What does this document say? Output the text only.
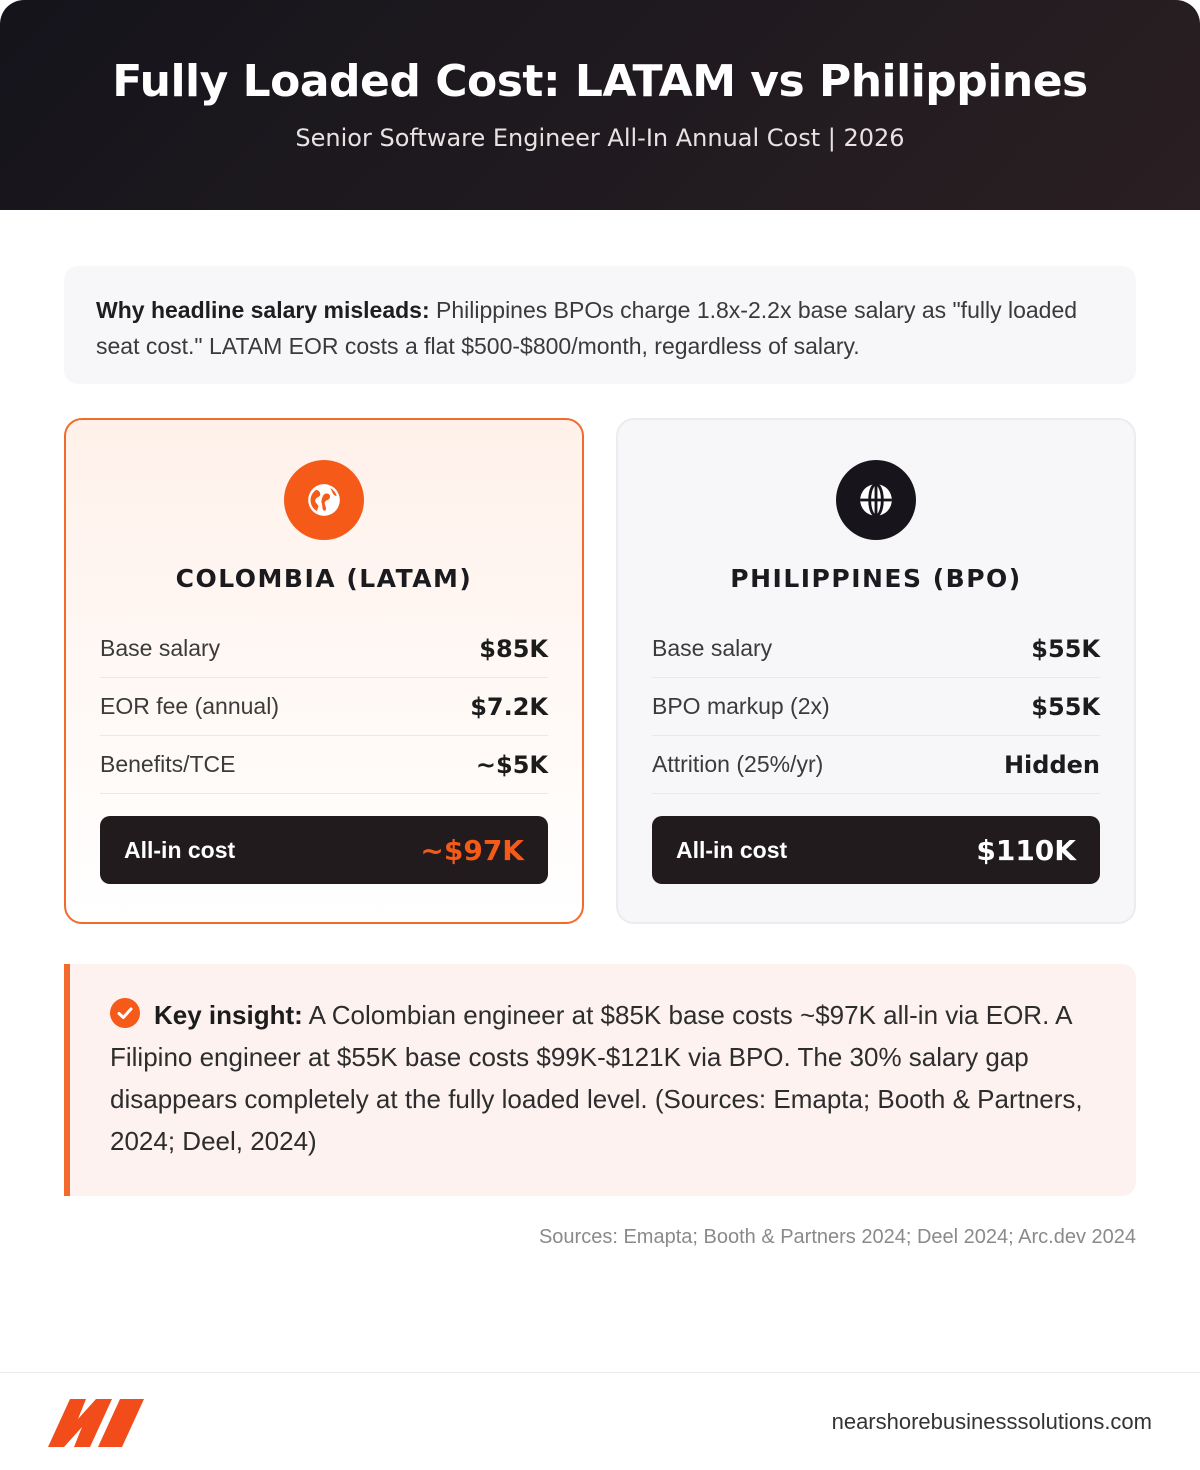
Fully Loaded Cost: LATAM vs Philippines
Senior Software Engineer All-In Annual Cost | 2026
Why headline salary misleads: Philippines BPOs charge 1.8x-2.2x base salary as "fully loaded seat cost." LATAM EOR costs a flat $500-$800/month, regardless of salary.
COLOMBIA (LATAM)
Base salary	$85K
EOR fee (annual)	$7.2K
Benefits/TCE	~$5K
All-in cost	~$97K
PHILIPPINES (BPO)
Base salary	$55K
BPO markup (2x)	$55K
Attrition (25%/yr)	Hidden
All-in cost	$110K
Key insight: A Colombian engineer at $85K base costs ~$97K all-in via EOR. A Filipino engineer at $55K base costs $99K-$121K via BPO. The 30% salary gap disappears completely at the fully loaded level. (Sources: Emapta; Booth & Partners, 2024; Deel, 2024)
Sources: Emapta; Booth & Partners 2024; Deel 2024; Arc.dev 2024
nearshorebusinesssolutions.com
